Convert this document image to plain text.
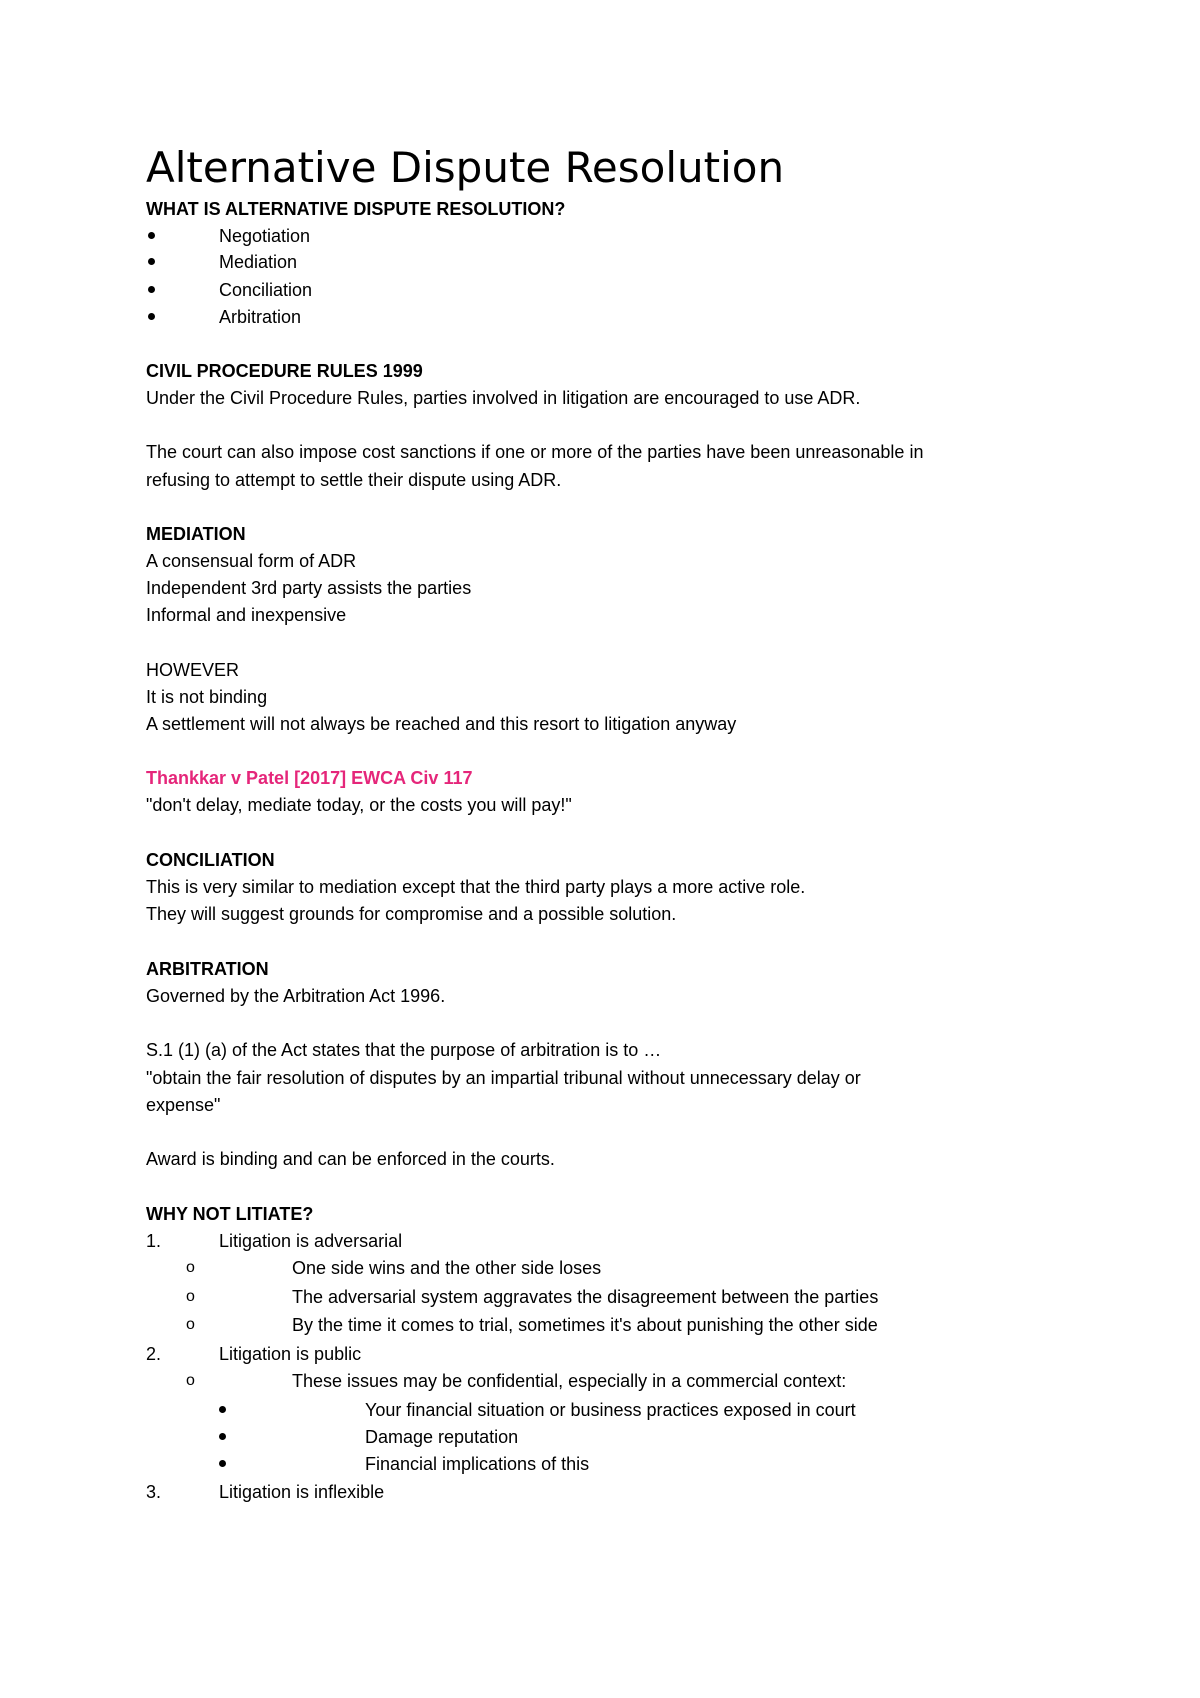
Alternative Dispute Resolution
WHAT IS ALTERNATIVE DISPUTE RESOLUTION?
Negotiation
Mediation
Conciliation
Arbitration
CIVIL PROCEDURE RULES 1999
Under the Civil Procedure Rules, parties involved in litigation are encouraged to use ADR.
The court can also impose cost sanctions if one or more of the parties have been unreasonable in
refusing to attempt to settle their dispute using ADR.
MEDIATION
A consensual form of ADR
Independent 3rd party assists the parties
Informal and inexpensive
HOWEVER
It is not binding
A settlement will not always be reached and this resort to litigation anyway
Thankkar v Patel [2017] EWCA Civ 117
"don't delay, mediate today, or the costs you will pay!"
CONCILIATION
This is very similar to mediation except that the third party plays a more active role.
They will suggest grounds for compromise and a possible solution.
ARBITRATION
Governed by the Arbitration Act 1996.
S.1 (1) (a) of the Act states that the purpose of arbitration is to …
"obtain the fair resolution of disputes by an impartial tribunal without unnecessary delay or
expense"
Award is binding and can be enforced in the courts.
WHY NOT LITIATE?
1.	Litigation is adversarial
o	One side wins and the other side loses
o	The adversarial system aggravates the disagreement between the parties
o	By the time it comes to trial, sometimes it's about punishing the other side
2.	Litigation is public
o	These issues may be confidential, especially in a commercial context:
Your financial situation or business practices exposed in court
Damage reputation
Financial implications of this
3.	Litigation is inflexible
